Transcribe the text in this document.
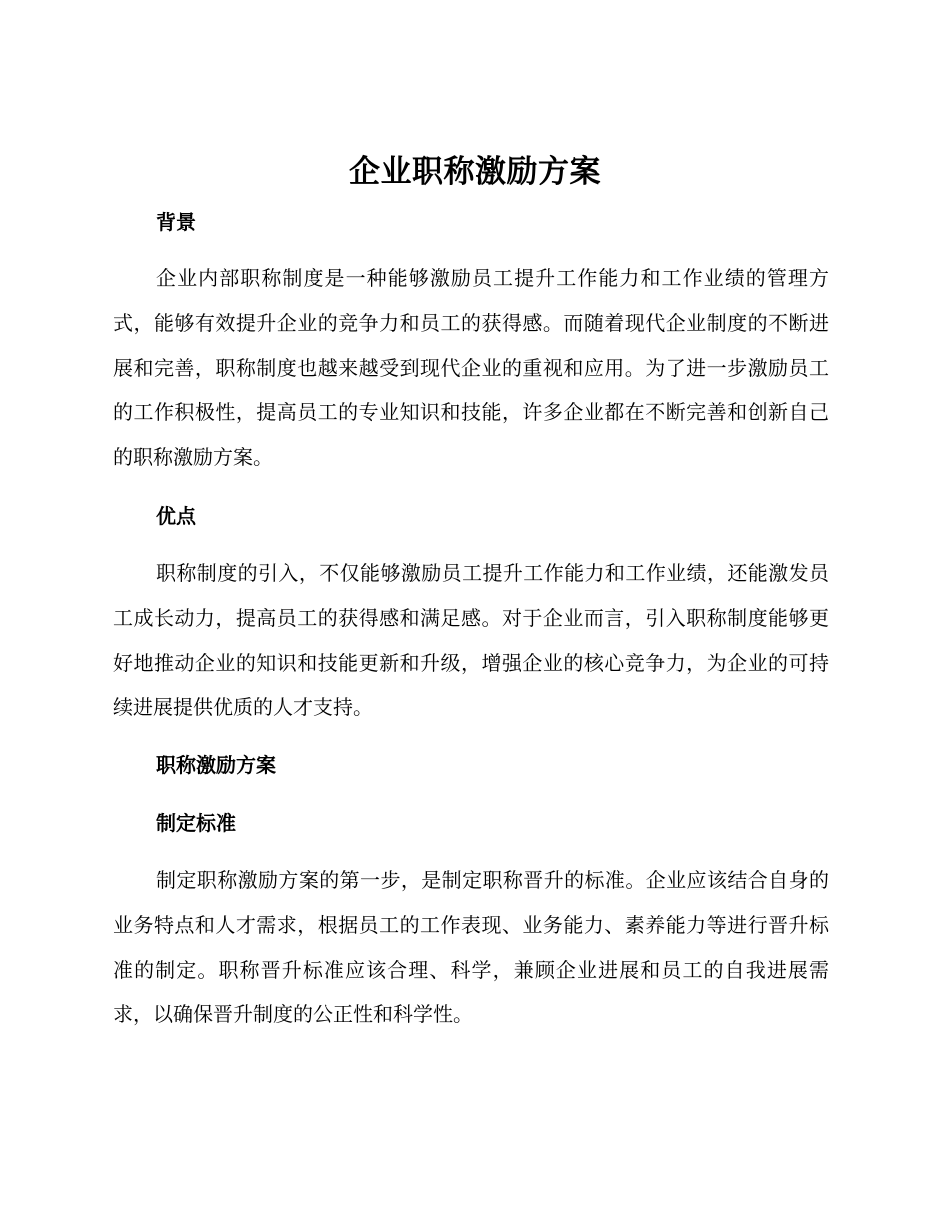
企业职称激励方案
背景

企业内部职称制度是一种能够激励员工提升工作能力和工作业绩的管理方式，能够有效提升企业的竞争力和员工的获得感。而随着现代企业制度的不断进展和完善，职称制度也越来越受到现代企业的重视和应用。为了进一步激励员工的工作积极性，提高员工的专业知识和技能，许多企业都在不断完善和创新自己的职称激励方案。

优点

职称制度的引入，不仅能够激励员工提升工作能力和工作业绩，还能激发员工成长动力，提高员工的获得感和满足感。对于企业而言，引入职称制度能够更好地推动企业的知识和技能更新和升级，增强企业的核心竞争力，为企业的可持续进展提供优质的人才支持。

职称激励方案
制定标准

制定职称激励方案的第一步，是制定职称晋升的标准。企业应该结合自身的业务特点和人才需求，根据员工的工作表现、业务能力、素养能力等进行晋升标准的制定。职称晋升标准应该合理、科学，兼顾企业进展和员工的自我进展需求，以确保晋升制度的公正性和科学性。
